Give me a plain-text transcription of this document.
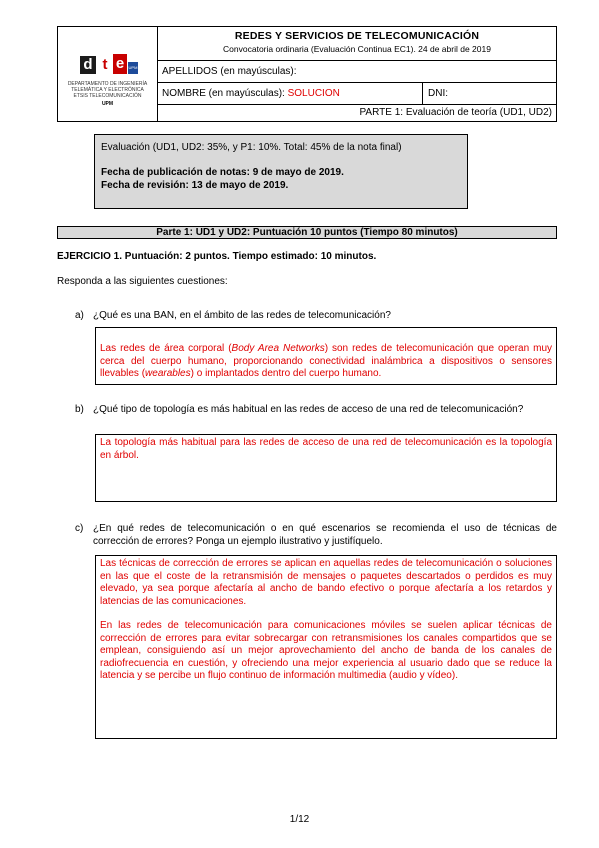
d t e	UPM
DEPARTAMENTO DE INGENIERÍA
TELEMÁTICA Y ELECTRÓNICA
ETSIS TELECOMUNICACIÓN
UPM
REDES Y SERVICIOS DE TELECOMUNICACIÓN
Convocatoria ordinaria (Evaluación Continua EC1). 24 de abril de 2019
APELLIDOS (en mayúsculas):
NOMBRE (en mayúsculas): SOLUCION	DNI:
PARTE 1: Evaluación de teoría (UD1, UD2)
Evaluación (UD1, UD2: 35%, y P1: 10%. Total: 45% de la nota final)
Fecha de publicación de notas: 9 de mayo de 2019.
Fecha de revisión: 13 de mayo de 2019.
Parte 1: UD1 y UD2: Puntuación 10 puntos (Tiempo 80 minutos)
EJERCICIO 1. Puntuación: 2 puntos. Tiempo estimado: 10 minutos.
Responda a las siguientes cuestiones:
a) ¿Qué es una BAN, en el ámbito de las redes de telecomunicación?

Las redes de área corporal (Body Area Networks) son redes de telecomunicación que operan muy cerca del cuerpo humano, proporcionando conectividad inalámbrica a dispositivos o sensores llevables (wearables) o implantados dentro del cuerpo humano.

b) ¿Qué tipo de topología es más habitual en las redes de acceso de una red de telecomunicación?

La topología más habitual para las redes de acceso de una red de telecomunicación es la topología en árbol.

c) ¿En qué redes de telecomunicación o en qué escenarios se recomienda el uso de técnicas de corrección de errores? Ponga un ejemplo ilustrativo y justifíquelo.

Las técnicas de corrección de errores se aplican en aquellas redes de telecomunicación o soluciones en las que el coste de la retransmisión de mensajes o paquetes descartados o perdidos es muy elevado, ya sea porque afectaría al ancho de bando efectivo o porque afectaría a los retardos y latencias de las comunicaciones.

En las redes de telecomunicación para comunicaciones móviles se suelen aplicar técnicas de corrección de errores para evitar sobrecargar con retransmisiones los canales compartidos que se emplean, consiguiendo así un mejor aprovechamiento del ancho de banda de los canales de radiofrecuencia en cuestión, y ofreciendo una mejor experiencia al usuario dado que se reduce la latencia y se percibe un flujo continuo de información multimedia (audio y vídeo).

1/12
